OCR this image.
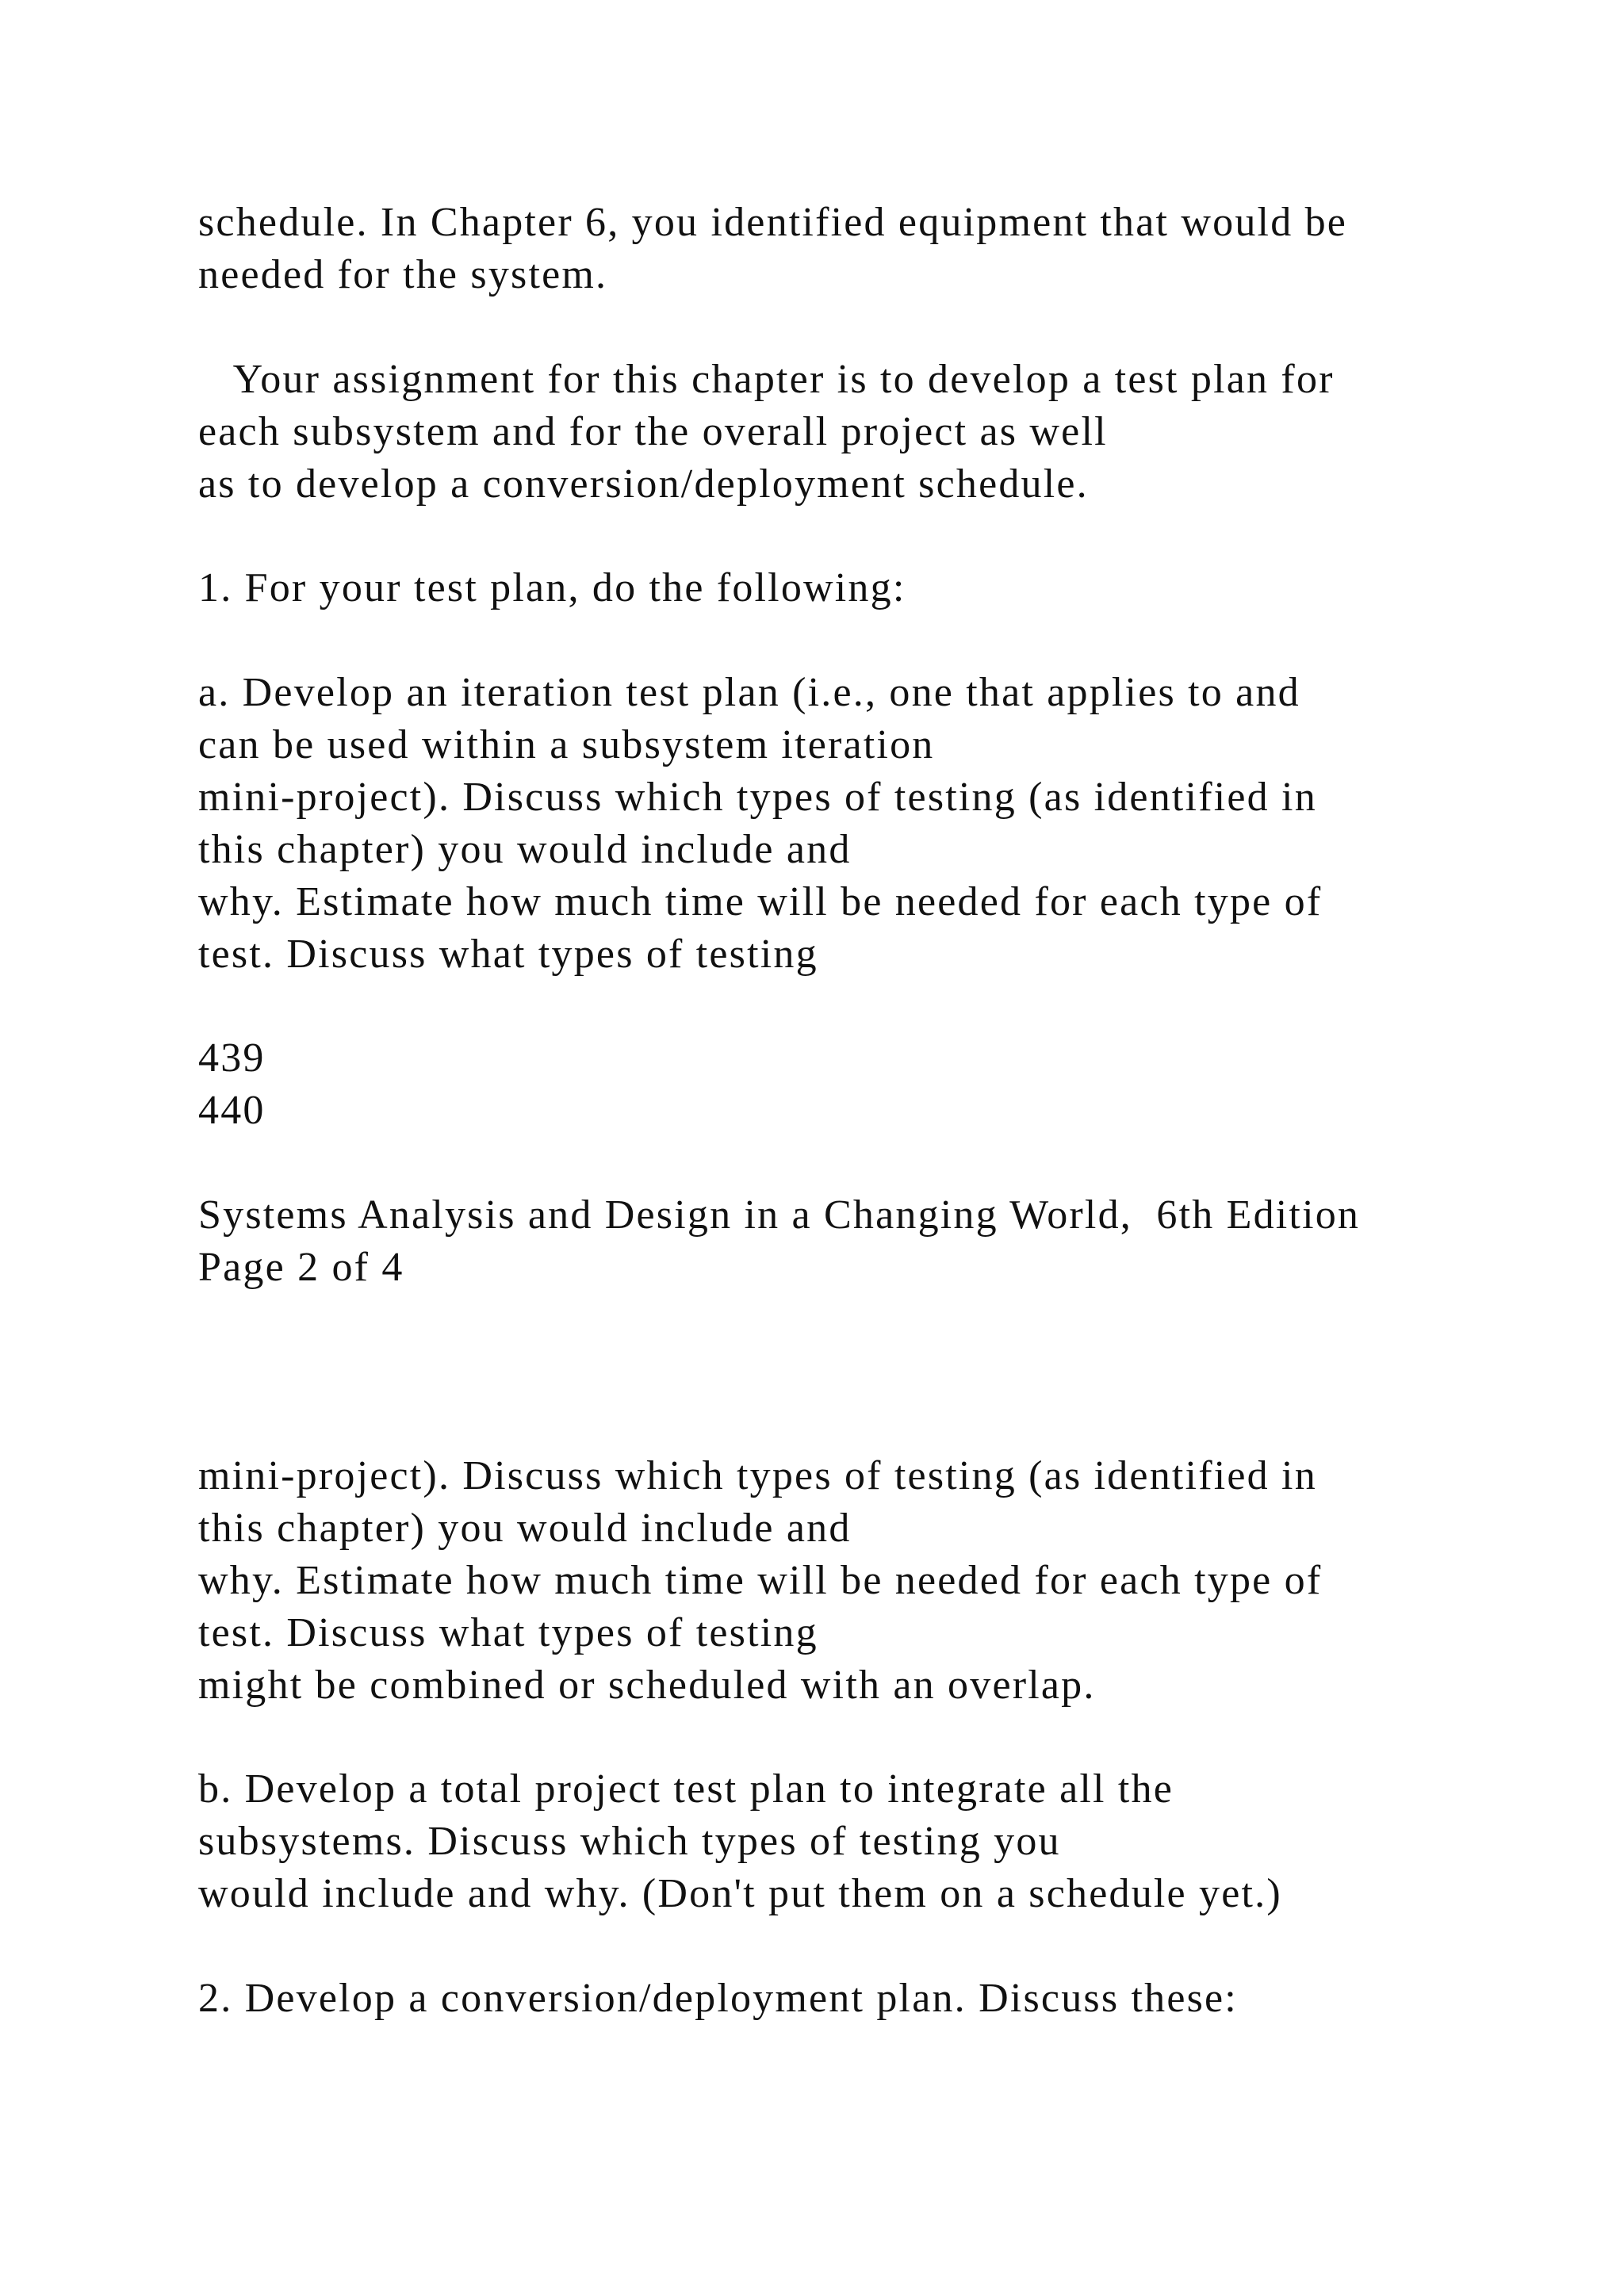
schedule. In Chapter 6, you identified equipment that would be
needed for the system.
Your assignment for this chapter is to develop a test plan for
each subsystem and for the overall project as well
as to develop a conversion/deployment schedule.
1. For your test plan, do the following:
a. Develop an iteration test plan (i.e., one that applies to and
can be used within a subsystem iteration
mini-project). Discuss which types of testing (as identified in
this chapter) you would include and
why. Estimate how much time will be needed for each type of
test. Discuss what types of testing
439
440
Systems Analysis and Design in a Changing World,  6th Edition
Page 2 of 4
mini-project). Discuss which types of testing (as identified in
this chapter) you would include and
why. Estimate how much time will be needed for each type of
test. Discuss what types of testing
might be combined or scheduled with an overlap.
b. Develop a total project test plan to integrate all the
subsystems. Discuss which types of testing you
would include and why. (Don't put them on a schedule yet.)
2. Develop a conversion/deployment plan. Discuss these:
